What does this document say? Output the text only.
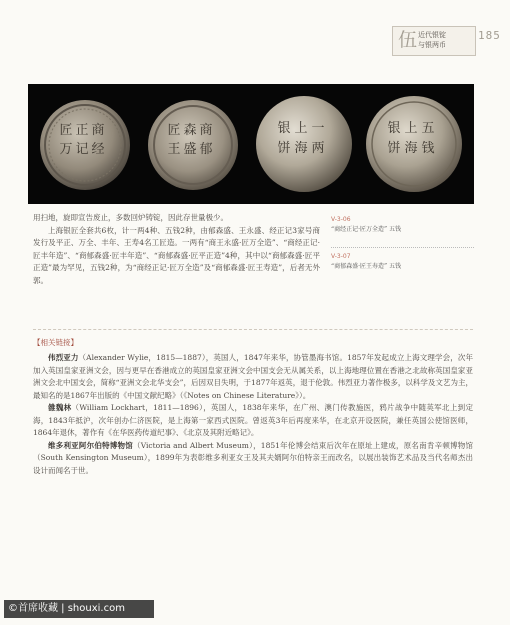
伍 近代银锭
与银两币
185
商
经
正
记
匠
万
商
郁
森
盛
匠
王
一
两
上
海
银
饼
五
钱
上
海
银
饼
V-3-06
“商经正记·匠万全造” 五钱
V-3-07
“商郁森盛·匠王寿造” 五钱

用扫地，旋即宣告废止，多数回炉铸锭，因此存世量极少。

上海银匠全套共6枚，计一两4种、五钱2种，由郁森盛、王永盛、经正记3家号商发行及平正、万全、丰年、王寿4名工匠造。一两有“商王永盛·匠万全造”、“商经正记·匠丰年造”、“商郁森盛·匠丰年造”、“商郁森盛·匠平正造”4种，其中以“商郁森盛·匠平正造”最为罕见，五钱2种，为“商经正记·匠万全造”及“商郁森盛·匠王寿造”，后者无外郭。

【相关链接】

伟烈亚力（Alexander Wylie，1815—1887），英国人，1847年来华，协管墨海书馆。1857年发起成立上海文理学会，次年加入英国皇家亚洲文会，因与更早在香港成立的英国皇家亚洲文会中国支会无从属关系，以上海地理位置在香港之北故称英国皇家亚洲文会北中国支会，简称“亚洲文会北华支会”，后因双目失明，于1877年返英，退于伦敦。伟烈亚力著作极多，以科学及文艺为主，最知名的是1867年出版的《中国文献纪略》（《Notes on Chinese Literature》）。

雒魏林（William Lockhart，1811—1896），英国人，1838年来华，在广州、澳门传教施医，鸦片战争中随英军北上到定海，1843年抵沪，次年创办仁济医院，是上海第一家西式医院。曾返英3年后再度来华，在北京开设医院，兼任英国公使馆医师，1864年退休，著作有《在华医药传道纪事》、《北京及其附近略记》。

维多利亚阿尔伯特博物馆（Victoria and Albert Museum），1851年伦博会结束后次年在原址上建成，原名南肯辛顿博物馆（South Kensington Museum），1899年为表彰维多利亚女王及其夫婿阿尔伯特亲王而改名，以展出装饰艺术品及当代名师杰出设计而闻名于世。

©首席收藏 | shouxi.com
